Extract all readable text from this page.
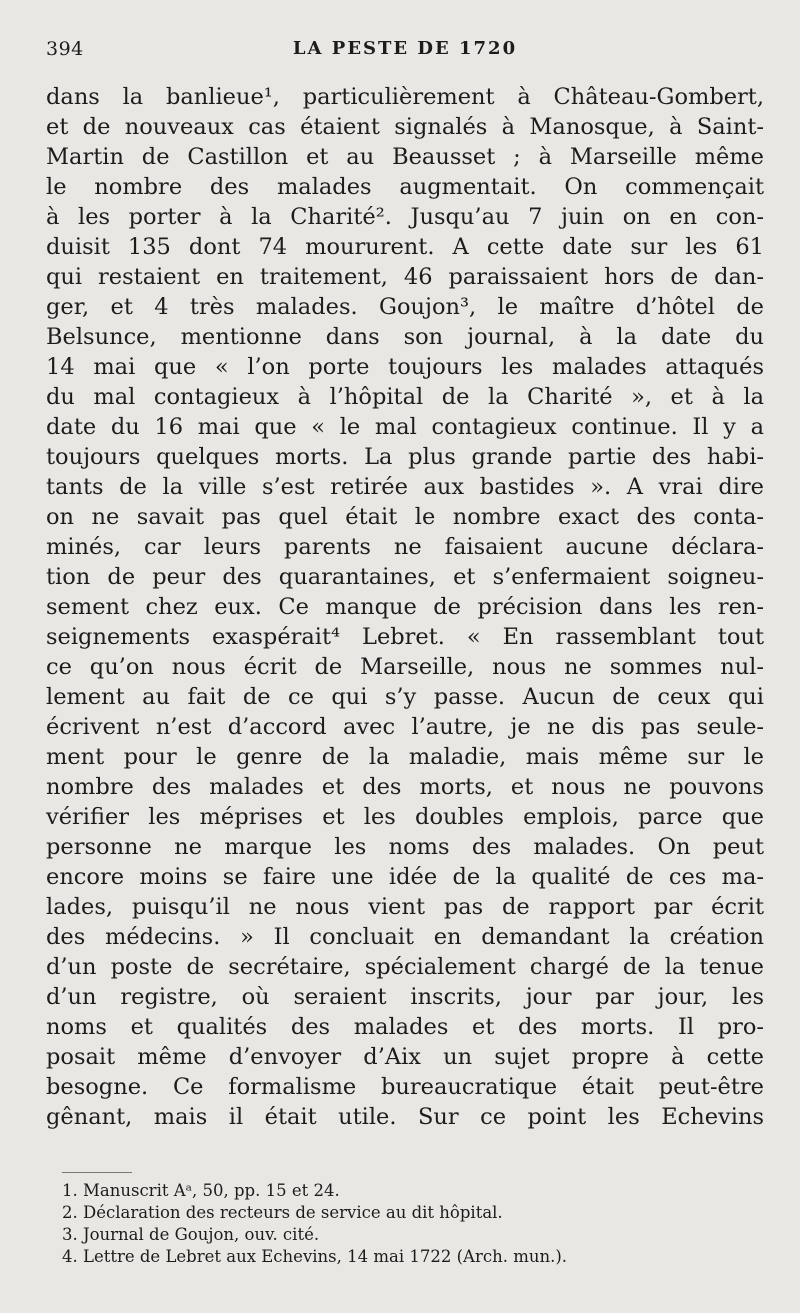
394	LA PESTE DE 1720
dans la banlieue¹, particulièrement à Château-Gombert,
et de nouveaux cas étaient signalés à Manosque, à Saint-
Martin de Castillon et au Beausset ; à Marseille même
le nombre des malades augmentait. On commençait
à les porter à la Charité². Jusqu’au 7 juin on en con-
duisit 135 dont 74 moururent. A cette date sur les 61
qui restaient en traitement, 46 paraissaient hors de dan-
ger, et 4 très malades. Goujon³, le maître d’hôtel de
Belsunce, mentionne dans son journal, à la date du
14 mai que « l’on porte toujours les malades attaqués
du mal contagieux à l’hôpital de la Charité », et à la
date du 16 mai que « le mal contagieux continue. Il y a
toujours quelques morts. La plus grande partie des habi-
tants de la ville s’est retirée aux bastides ». A vrai dire
on ne savait pas quel était le nombre exact des conta-
minés, car leurs parents ne faisaient aucune déclara-
tion de peur des quarantaines, et s’enfermaient soigneu-
sement chez eux. Ce manque de précision dans les ren-
seignements exaspérait⁴ Lebret. « En rassemblant tout
ce qu’on nous écrit de Marseille, nous ne sommes nul-
lement au fait de ce qui s’y passe. Aucun de ceux qui
écrivent n’est d’accord avec l’autre, je ne dis pas seule-
ment pour le genre de la maladie, mais même sur le
nombre des malades et des morts, et nous ne pouvons
vérifier les méprises et les doubles emplois, parce que
personne ne marque les noms des malades. On peut
encore moins se faire une idée de la qualité de ces ma-
lades, puisqu’il ne nous vient pas de rapport par écrit
des médecins. » Il concluait en demandant la création
d’un poste de secrétaire, spécialement chargé de la tenue
d’un registre, où seraient inscrits, jour par jour, les
noms et qualités des malades et des morts. Il pro-
posait même d’envoyer d’Aix un sujet propre à cette
besogne. Ce formalisme bureaucratique était peut-être
gênant, mais il était utile. Sur ce point les Echevins
1. Manuscrit Aᵃ, 50, pp. 15 et 24.
2. Déclaration des recteurs de service au dit hôpital.
3. Journal de Goujon, ouv. cité.
4. Lettre de Lebret aux Echevins, 14 mai 1722 (Arch. mun.).
